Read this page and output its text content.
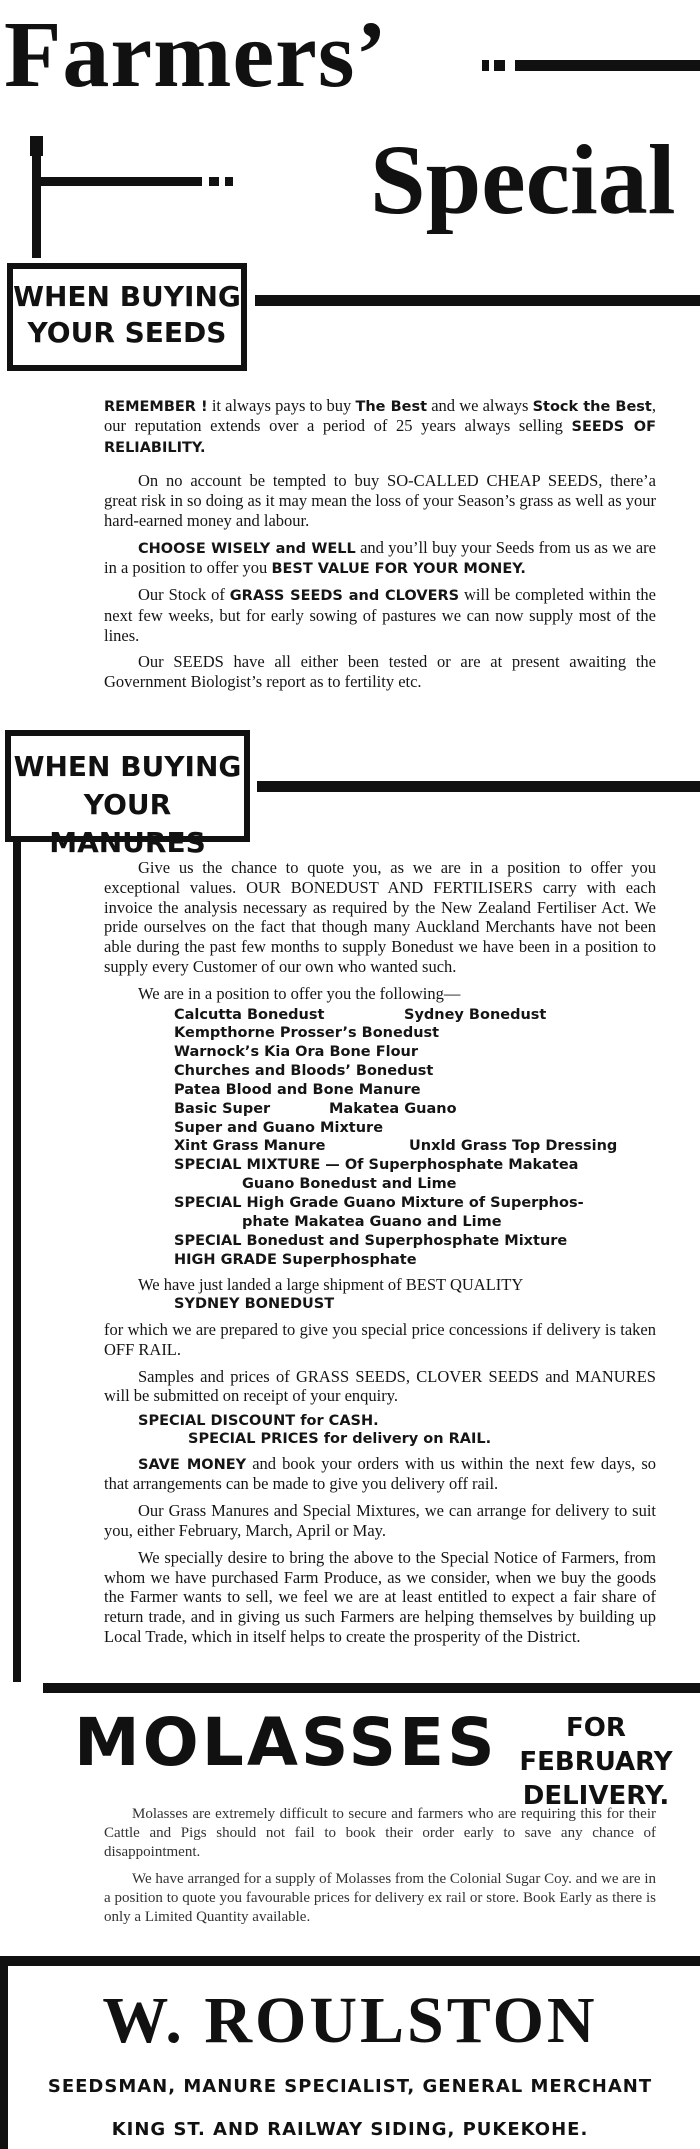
Farmers’
Special
WHEN BUYING
YOUR SEEDS

REMEMBER ! it always pays to buy The Best and we always Stock the Best, our reputation extends over a period of 25 years always selling SEEDS OF RELIABILITY.

On no account be tempted to buy SO-CALLED CHEAP SEEDS, there’a great risk in so doing as it may mean the loss of your Season’s grass as well as your hard-earned money and labour.

CHOOSE WISELY and WELL and you’ll buy your Seeds from us as we are in a position to offer you BEST VALUE FOR YOUR MONEY.

Our Stock of GRASS SEEDS and CLOVERS will be completed within the next few weeks, but for early sowing of pastures we can now supply most of the lines.

Our SEEDS have all either been tested or are at present awaiting the Government Biologist’s report as to fertility etc.

WHEN BUYING
YOUR MANURES

Give us the chance to quote you, as we are in a position to offer you exceptional values. OUR BONEDUST AND FERTILISERS carry with each invoice the analysis necessary as required by the New Zealand Fertiliser Act. We pride ourselves on the fact that though many Auckland Merchants have not been able during the past few months to supply Bonedust we have been in a position to supply every Customer of our own who wanted such.

We are in a position to offer you the following—

Calcutta Bonedust	Sydney Bonedust
Kempthorne Prosser’s Bonedust
Warnock’s Kia Ora Bone Flour
Churches and Bloods’ Bonedust
Patea Blood and Bone Manure
Basic Super	Makatea Guano
Super and Guano Mixture
Xint Grass Manure	Unxld Grass Top Dressing
SPECIAL MIXTURE — Of Superphosphate Makatea
Guano Bonedust and Lime
SPECIAL High Grade Guano Mixture of Superphos-
phate Makatea Guano and Lime
SPECIAL Bonedust and Superphosphate Mixture
HIGH GRADE Superphosphate

We have just landed a large shipment of BEST QUALITY

SYDNEY BONEDUST

for which we are prepared to give you special price concessions if delivery is taken OFF RAIL.

Samples and prices of GRASS SEEDS, CLOVER SEEDS and MANURES will be submitted on receipt of your enquiry.

SPECIAL DISCOUNT for CASH.
SPECIAL PRICES for delivery on RAIL.

SAVE MONEY and book your orders with us within the next few days, so that arrangements can be made to give you delivery off rail.

Our Grass Manures and Special Mixtures, we can arrange for delivery to suit you, either February, March, April or May.

We specially desire to bring the above to the Special Notice of Farmers, from whom we have purchased Farm Produce, as we consider, when we buy the goods the Farmer wants to sell, we feel we are at least entitled to expect a fair share of return trade, and in giving us such Farmers are helping themselves by building up Local Trade, which in itself helps to create the prosperity of the District.

MOLASSES	FOR FEBRUARY
DELIVERY.

Molasses are extremely difficult to secure and farmers who are requiring this for their Cattle and Pigs should not fail to book their order early to save any chance of disappointment.

We have arranged for a supply of Molasses from the Colonial Sugar Coy. and we are in a position to quote you favourable prices for delivery ex rail or store. Book Early as there is only a Limited Quantity available.

W. ROULSTON
SEEDSMAN, MANURE SPECIALIST, GENERAL MERCHANT
KING ST. AND RAILWAY SIDING, PUKEKOHE.
